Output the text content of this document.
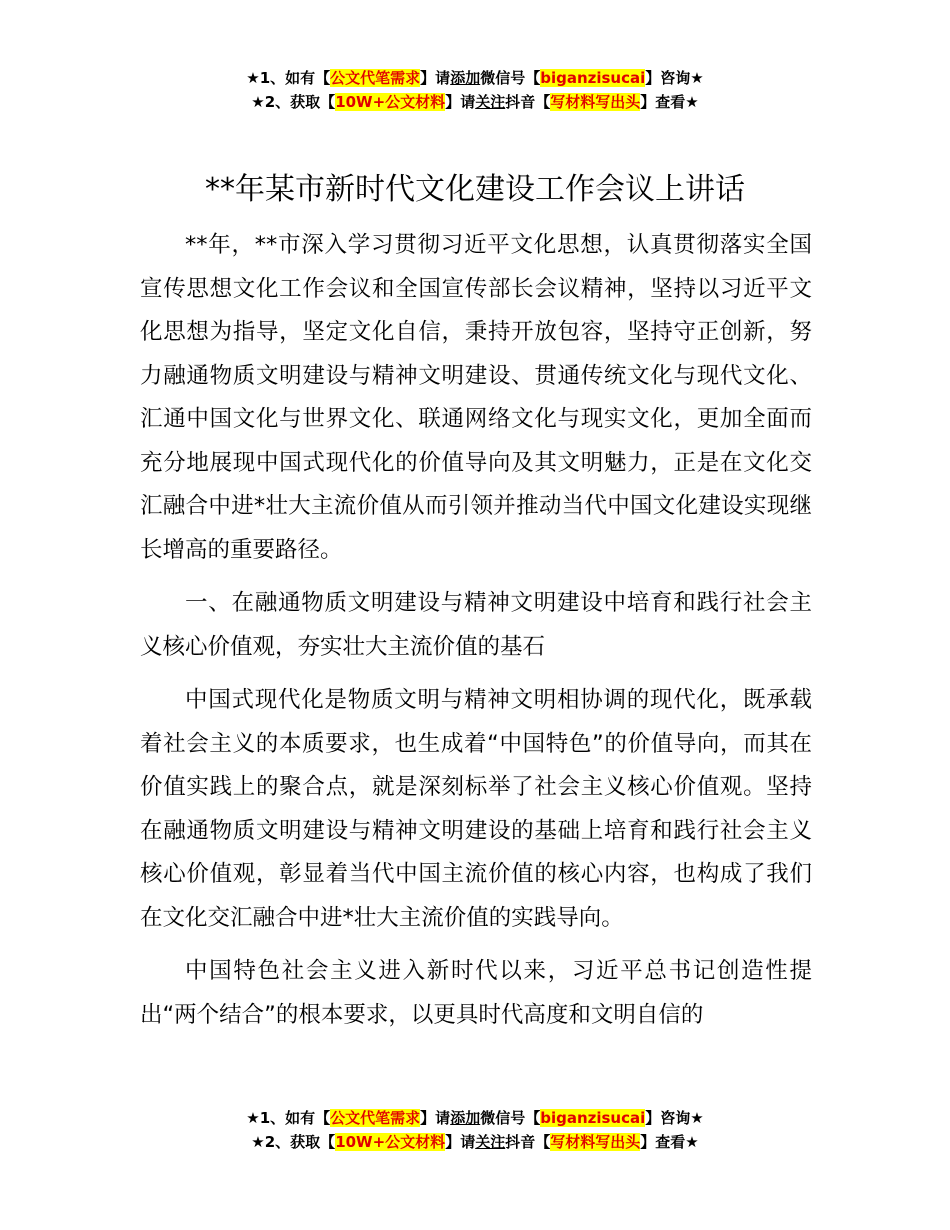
★1、如有【公文代笔需求】请添加微信号【biganzisucai】咨询★
★2、获取【10W+公文材料】请关注抖音【写材料写出头】查看★
**年某市新时代文化建设工作会议上讲话

**年，**市深入学习贯彻习近平文化思想，认真贯彻落实全国宣传思想文化工作会议和全国宣传部长会议精神，坚持以习近平文化思想为指导，坚定文化自信，秉持开放包容，坚持守正创新，努力融通物质文明建设与精神文明建设、贯通传统文化与现代文化、汇通中国文化与世界文化、联通网络文化与现实文化，更加全面而充分地展现中国式现代化的价值导向及其文明魅力，正是在文化交汇融合中进*壮大主流价值从而引领并推动当代中国文化建设实现继长增高的重要路径。

一、在融通物质文明建设与精神文明建设中培育和践行社会主义核心价值观，夯实壮大主流价值的基石

中国式现代化是物质文明与精神文明相协调的现代化，既承载着社会主义的本质要求，也生成着“中国特色”的价值导向，而其在价值实践上的聚合点，就是深刻标举了社会主义核心价值观。坚持在融通物质文明建设与精神文明建设的基础上培育和践行社会主义核心价值观，彰显着当代中国主流价值的核心内容，也构成了我们在文化交汇融合中进*壮大主流价值的实践导向。

中国特色社会主义进入新时代以来，习近平总书记创造性提出“两个结合”的根本要求，以更具时代高度和文明自信的

★1、如有【公文代笔需求】请添加微信号【biganzisucai】咨询★
★2、获取【10W+公文材料】请关注抖音【写材料写出头】查看★
